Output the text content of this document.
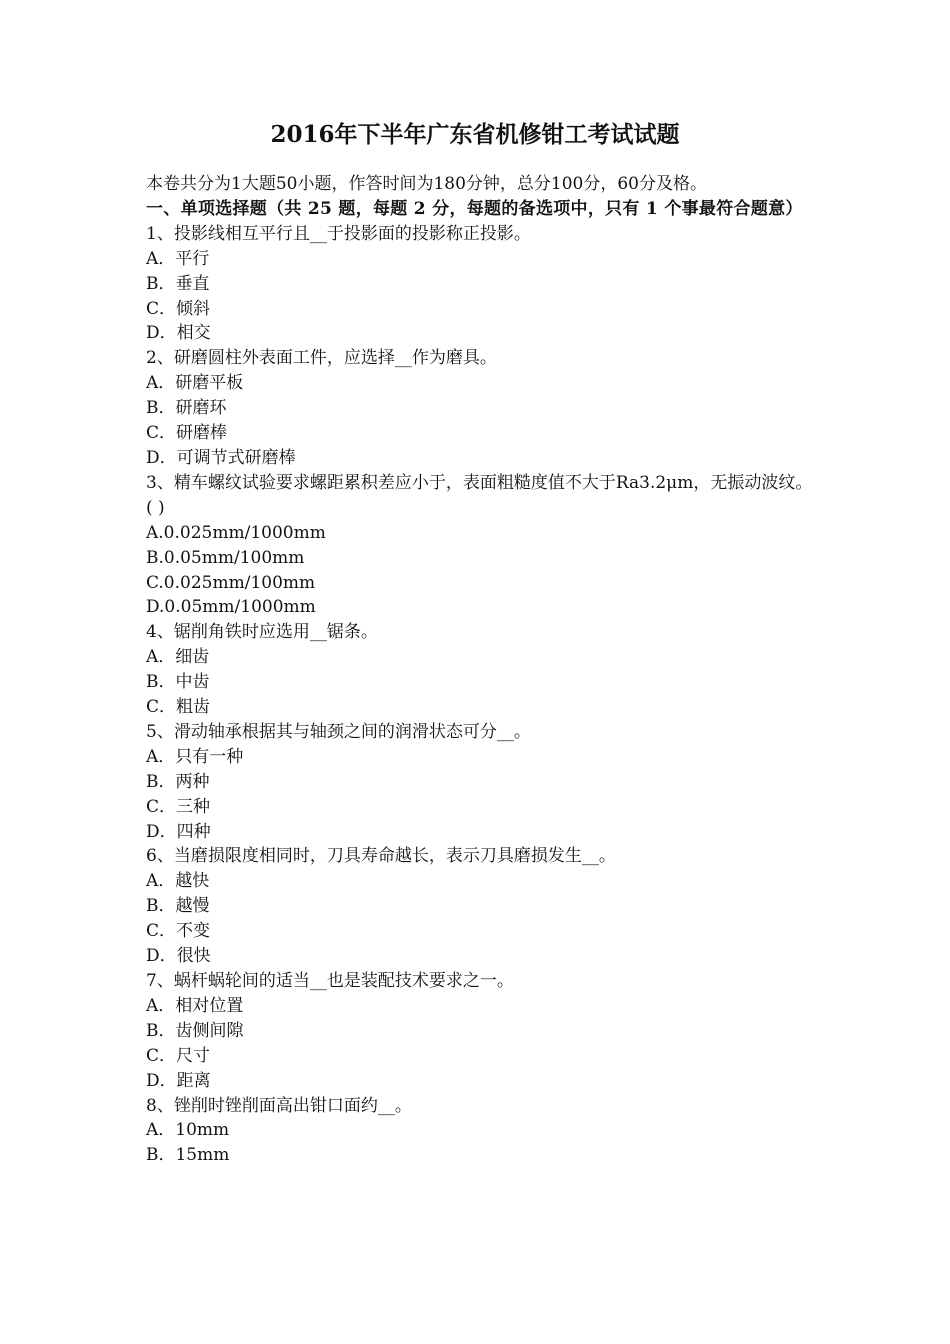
2016年下半年广东省机修钳工考试试题

本卷共分为1大题50小题，作答时间为180分钟，总分100分，60分及格。

一、单项选择题（共 25 题，每题 2 分，每题的备选项中，只有 1 个事最符合题意）

1、投影线相互平行且__于投影面的投影称正投影。

A．平行

B．垂直

C．倾斜

D．相交

2、研磨圆柱外表面工件，应选择__作为磨具。

A．研磨平板

B．研磨环

C．研磨棒

D．可调节式研磨棒

3、精车螺纹试验要求螺距累积差应小于，表面粗糙度值不大于Ra3.2μm，无振动波纹。( )

A.0.025mm/1000mm

B.0.05mm/100mm

C.0.025mm/100mm

D.0.05mm/1000mm

4、锯削角铁时应选用__锯条。

A．细齿

B．中齿

C．粗齿

5、滑动轴承根据其与轴颈之间的润滑状态可分__。

A．只有一种

B．两种

C．三种

D．四种

6、当磨损限度相同时，刀具寿命越长，表示刀具磨损发生__。

A．越快

B．越慢

C．不变

D．很快

7、蜗杆蜗轮间的适当__也是装配技术要求之一。

A．相对位置

B．齿侧间隙

C．尺寸

D．距离

8、锉削时锉削面高出钳口面约__。

A．10mm

B．15mm
